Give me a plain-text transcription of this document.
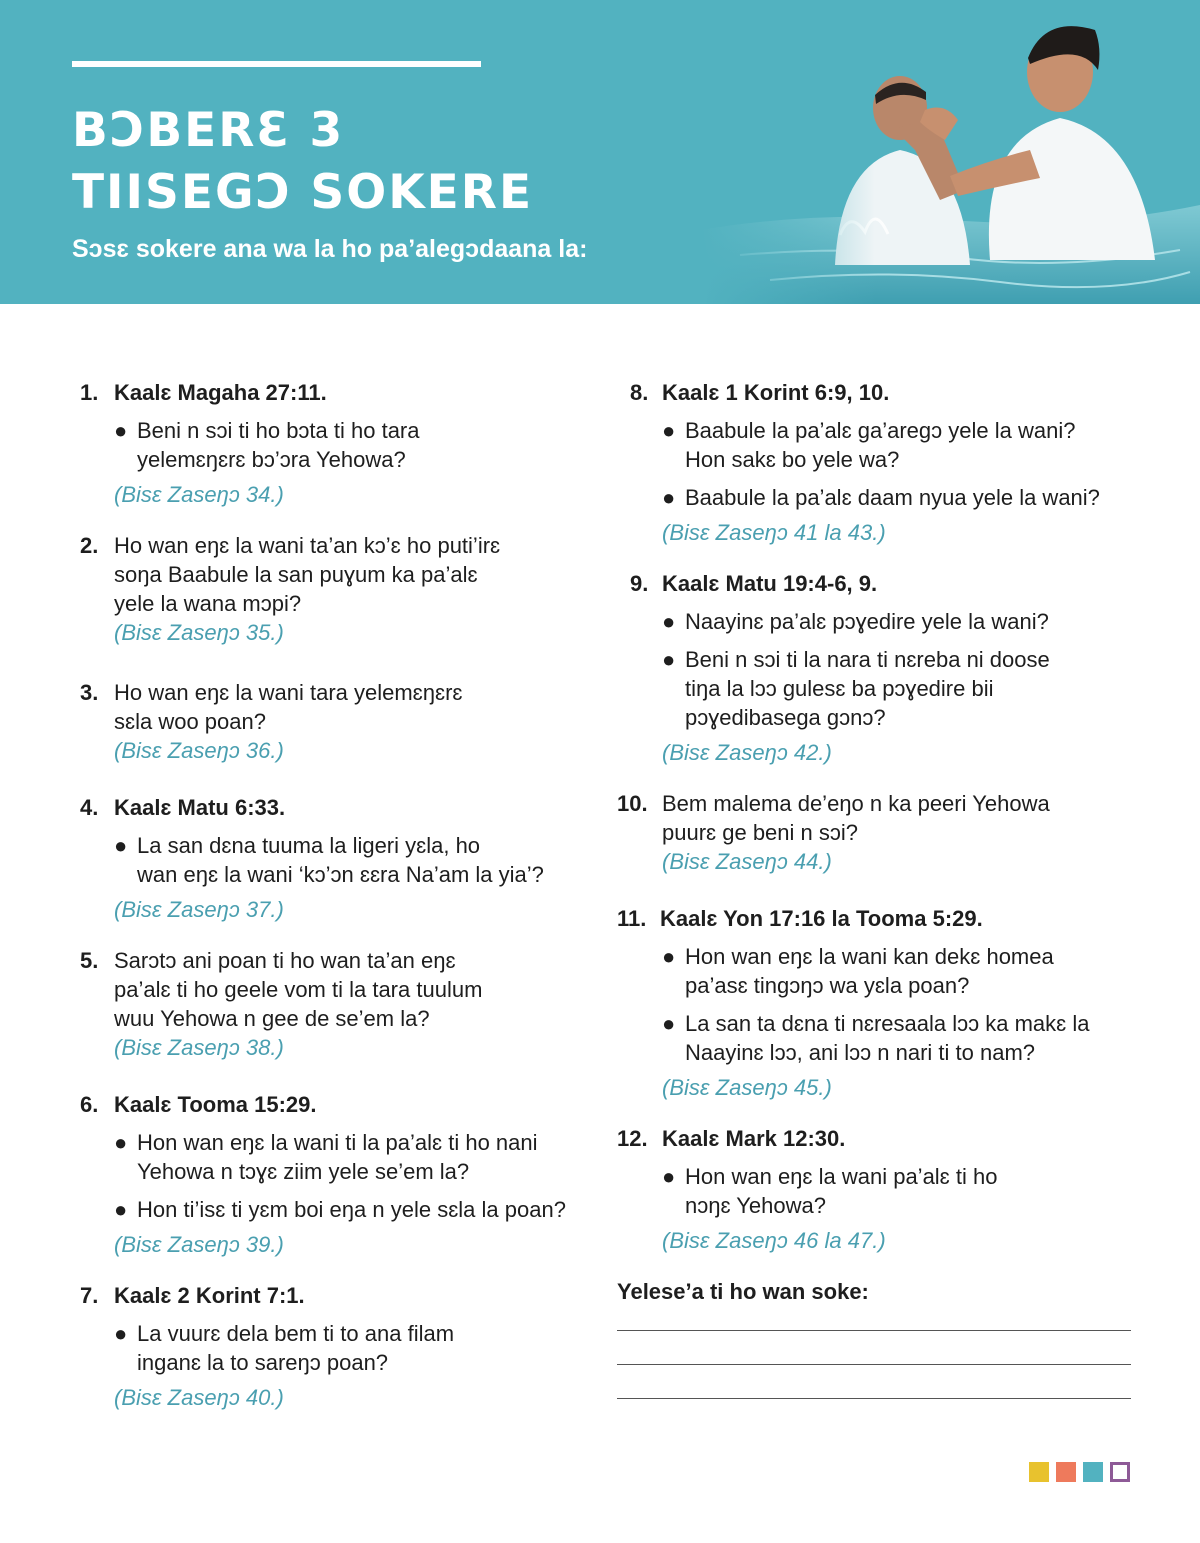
BƆBERƐ 3
TIISEGƆ SOKERE
Sɔsɛ sokere ana wa la ho pa’alegɔdaana la:
1. Kaalɛ Magaha 27:11.
● Beni n sɔi ti ho bɔta ti ho tara
yelemɛŋɛrɛ bɔ’ɔra Yehowa?
(Bisɛ Zaseŋɔ 34.)
2. Ho wan eŋɛ la wani ta’an kɔ’ɛ ho puti’irɛ
soŋa Baabule la san puɣum ka pa’alɛ
yele la wana mɔpi?
(Bisɛ Zaseŋɔ 35.)
3. Ho wan eŋɛ la wani tara yelemɛŋɛrɛ
sɛla woo poan?
(Bisɛ Zaseŋɔ 36.)
4. Kaalɛ Matu 6:33.
● La san dɛna tuuma la ligeri yɛla, ho
wan eŋɛ la wani ‘kɔ’ɔn ɛɛra Na’am la yia’?
(Bisɛ Zaseŋɔ 37.)
5. Sarɔtɔ ani poan ti ho wan ta’an eŋɛ
pa’alɛ ti ho geele vom ti la tara tuulum
wuu Yehowa n gee de se’em la?
(Bisɛ Zaseŋɔ 38.)
6. Kaalɛ Tooma 15:29.
● Hon wan eŋɛ la wani ti la pa’alɛ ti ho nani
Yehowa n tɔɣɛ ziim yele se’em la?
● Hon ti’isɛ ti yɛm boi eŋa n yele sɛla la poan?
(Bisɛ Zaseŋɔ 39.)
7. Kaalɛ 2 Korint 7:1.
● La vuurɛ dela bem ti to ana filam
inganɛ la to sareŋɔ poan?
(Bisɛ Zaseŋɔ 40.)
8. Kaalɛ 1 Korint 6:9, 10.
● Baabule la pa’alɛ ga’aregɔ yele la wani?
Hon sakɛ bo yele wa?
● Baabule la pa’alɛ daam nyua yele la wani?
(Bisɛ Zaseŋɔ 41 la 43.)
9. Kaalɛ Matu 19:4-6, 9.
● Naayinɛ pa’alɛ pɔɣedire yele la wani?
● Beni n sɔi ti la nara ti nɛreba ni doose
tiŋa la lɔɔ gulesɛ ba pɔɣedire bii
pɔɣedibasega gɔnɔ?
(Bisɛ Zaseŋɔ 42.)
10. Bem malema de’eŋo n ka peeri Yehowa
puurɛ ge beni n sɔi?
(Bisɛ Zaseŋɔ 44.)
11. Kaalɛ Yon 17:16 la Tooma 5:29.
● Hon wan eŋɛ la wani kan dekɛ homea
pa’asɛ tingɔŋɔ wa yɛla poan?
● La san ta dɛna ti nɛresaala lɔɔ ka makɛ la
Naayinɛ lɔɔ, ani lɔɔ n nari ti to nam?
(Bisɛ Zaseŋɔ 45.)
12. Kaalɛ Mark 12:30.
● Hon wan eŋɛ la wani pa’alɛ ti ho
nɔŋɛ Yehowa?
(Bisɛ Zaseŋɔ 46 la 47.)
Yelese’a ti ho wan soke:
